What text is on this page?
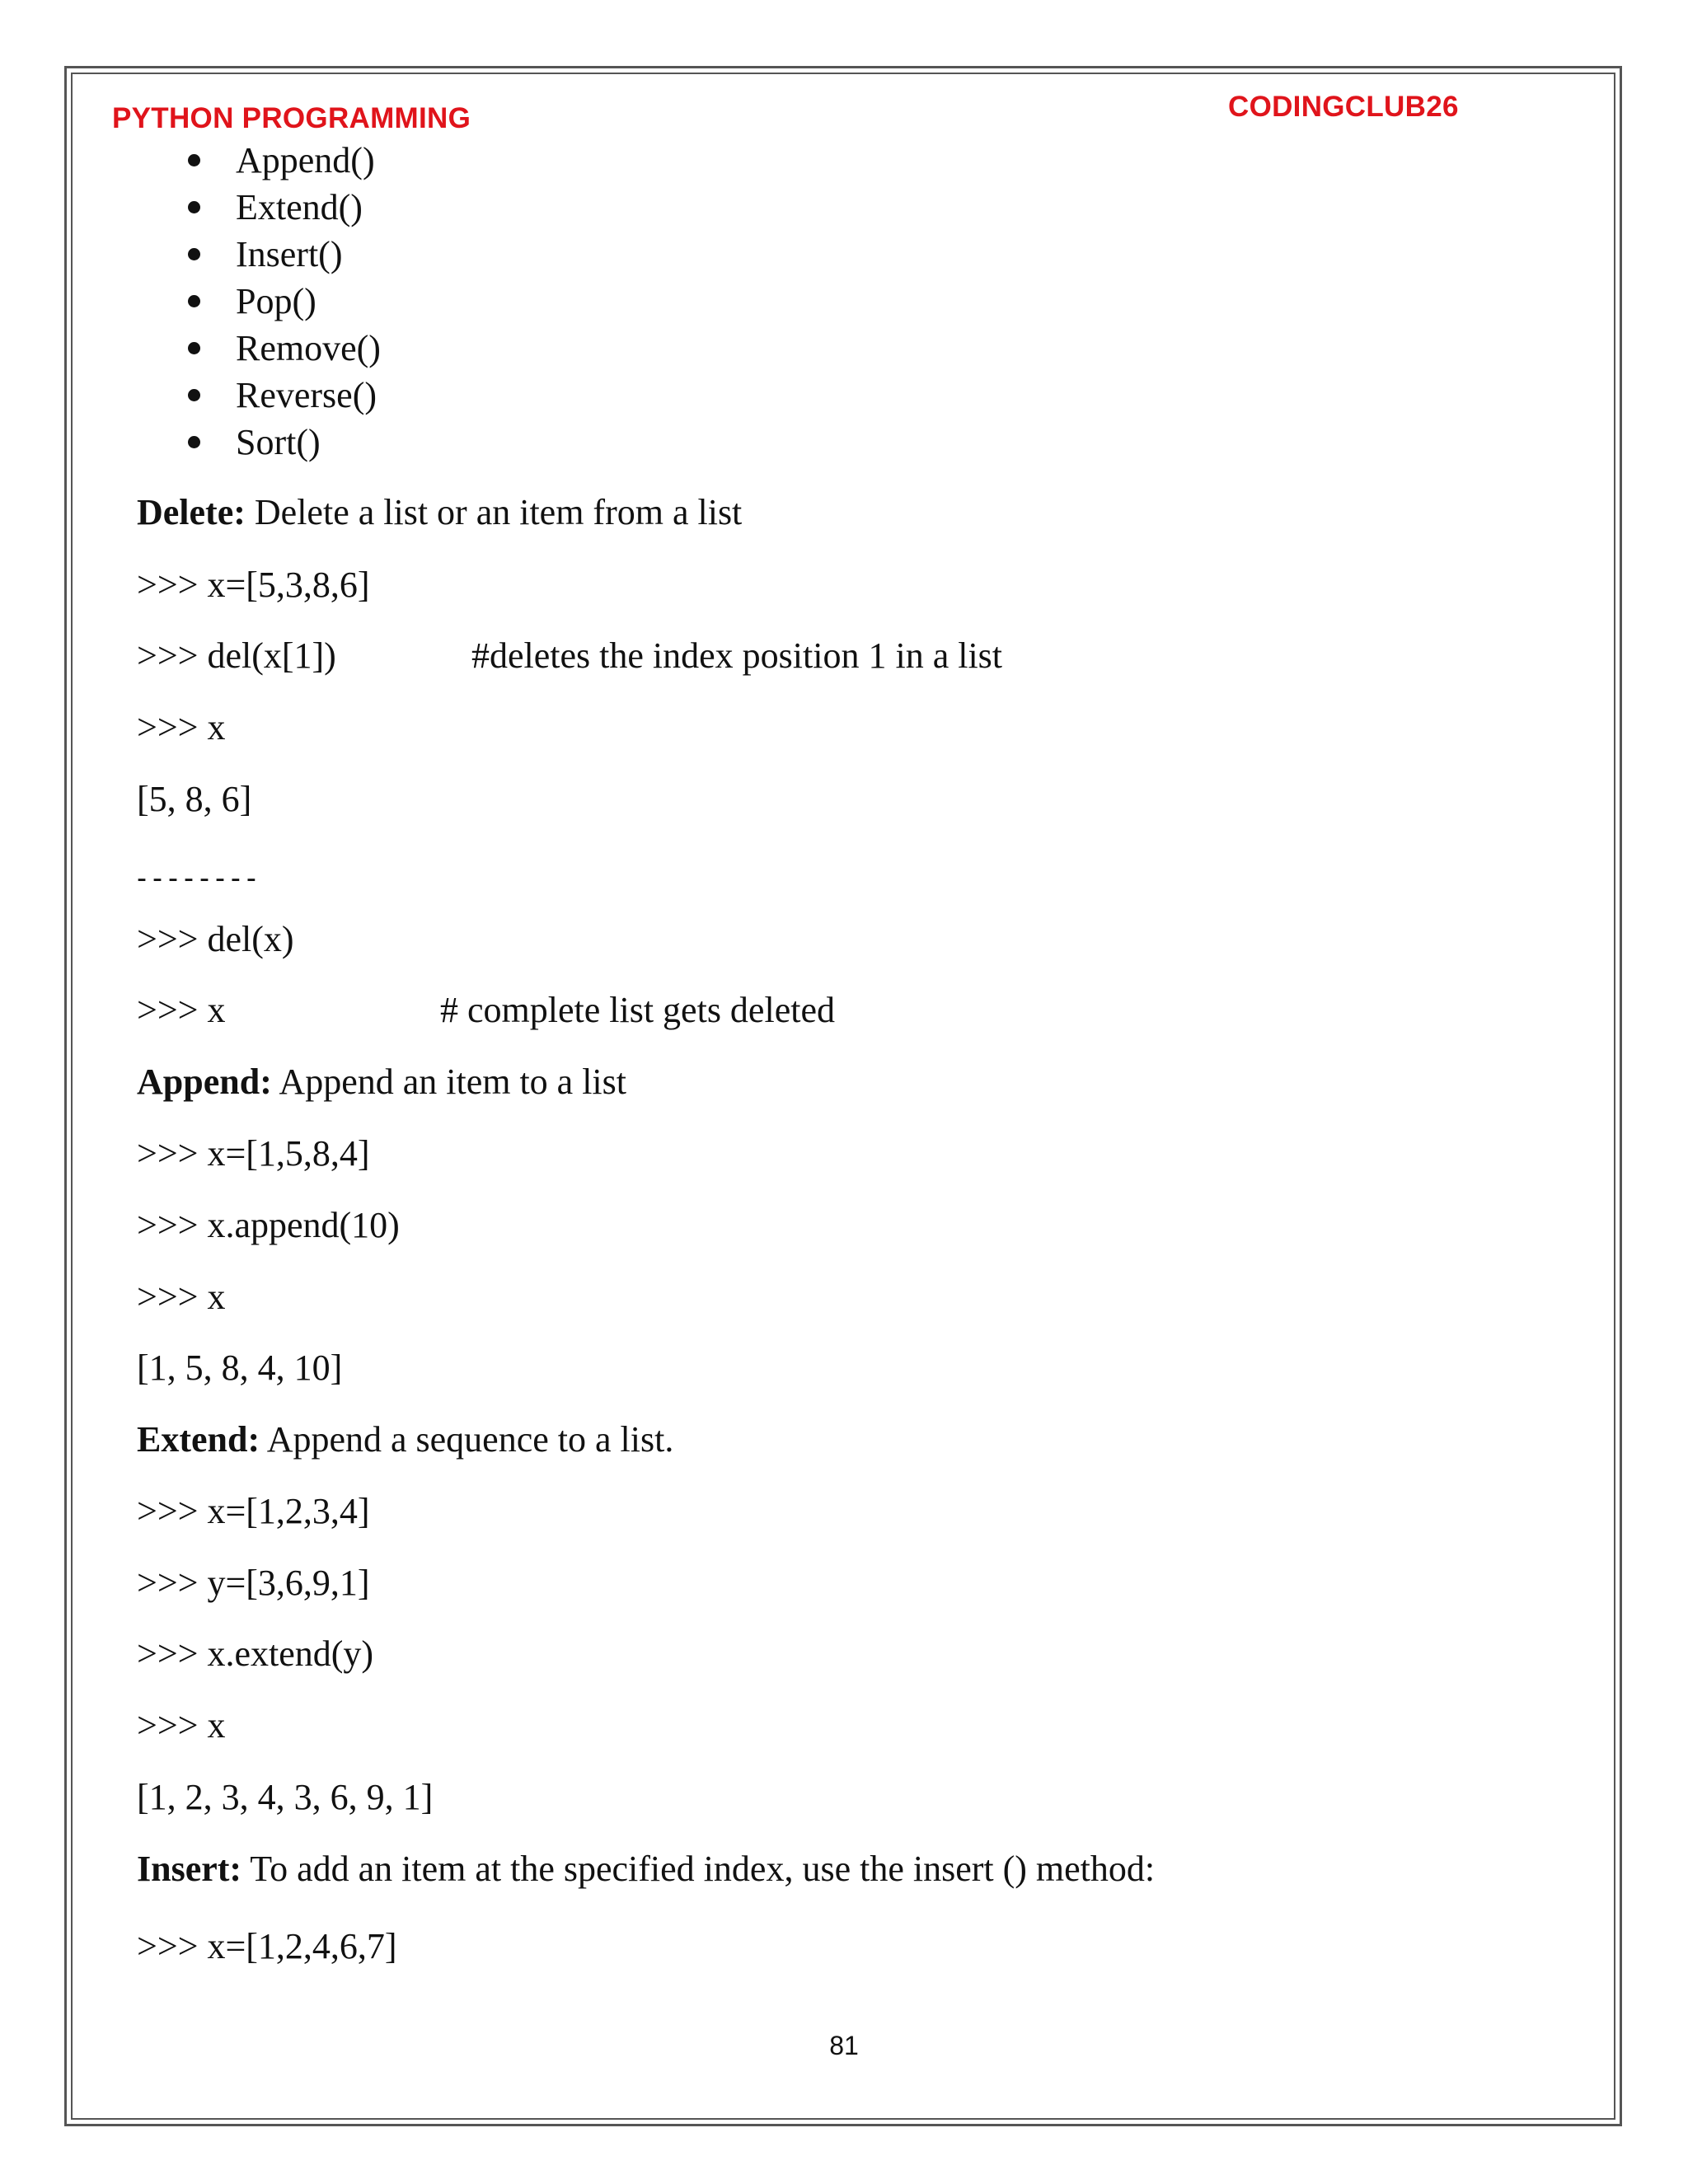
PYTHON PROGRAMMING	CODINGCLUB26
Append()
Extend()
Insert()
Pop()
Remove()
Reverse()
Sort()
Delete: Delete a list or an item from a list
>>> x=[5,3,8,6]
>>> del(x[1])	#deletes the index position 1 in a list
>>> x
[5, 8, 6]
--------
>>> del(x)
>>> x	# complete list gets deleted
Append: Append an item to a list
>>> x=[1,5,8,4]
>>> x.append(10)
>>> x
[1, 5, 8, 4, 10]
Extend: Append a sequence to a list.
>>> x=[1,2,3,4]
>>> y=[3,6,9,1]
>>> x.extend(y)
>>> x
[1, 2, 3, 4, 3, 6, 9, 1]
Insert: To add an item at the specified index, use the insert () method:
>>> x=[1,2,4,6,7]
81
